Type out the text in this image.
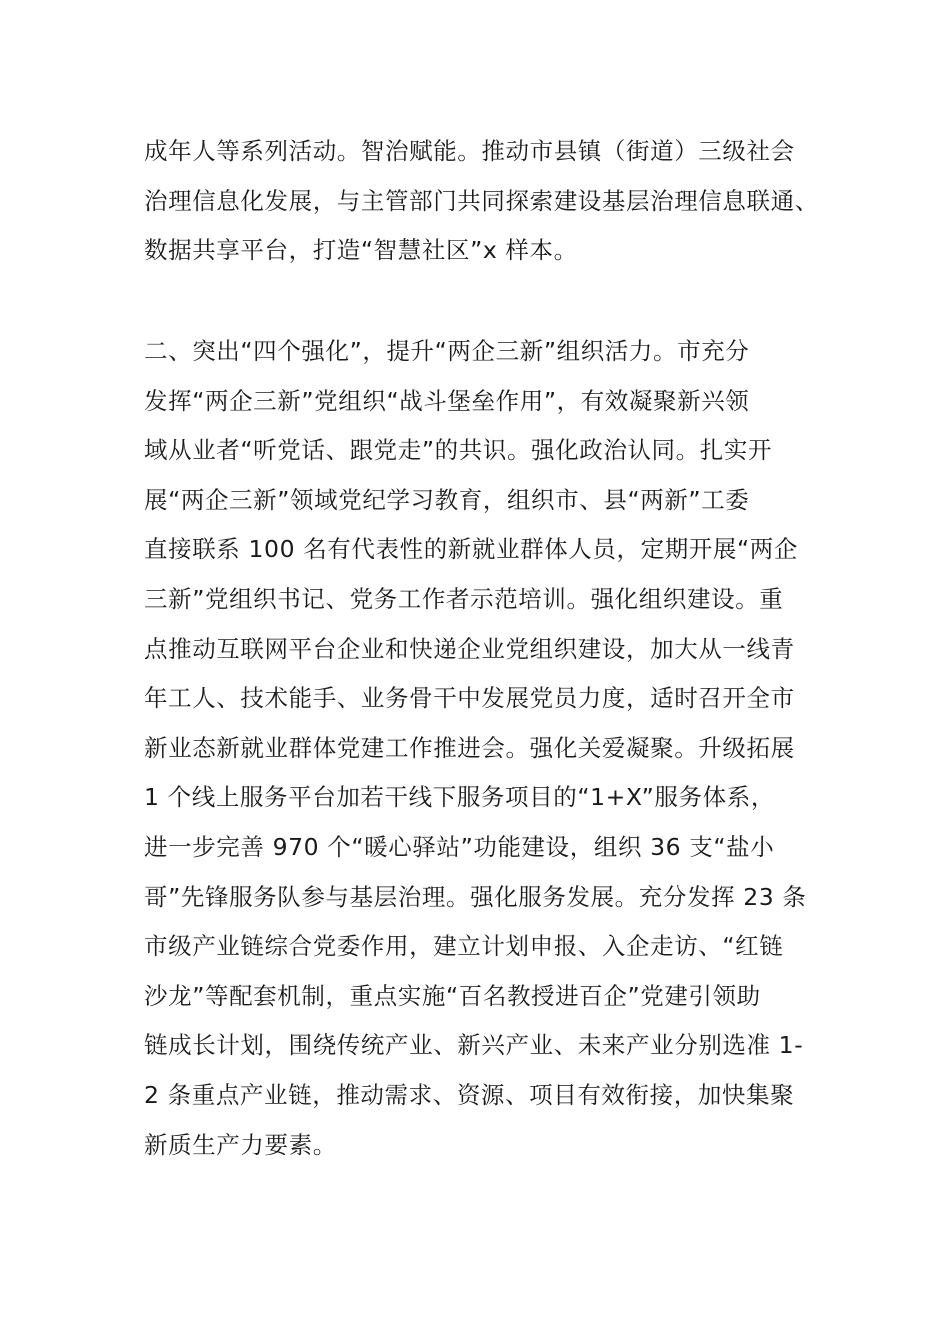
成年人等系列活动。智治赋能。推动市县镇（街道）三级社会
治理信息化发展，与主管部门共同探索建设基层治理信息联通、
数据共享平台，打造“智慧社区”x 样本。

二、突出“四个强化”，提升“两企三新”组织活力。市充分
发挥“两企三新”党组织“战斗堡垒作用”，有效凝聚新兴领
域从业者“听党话、跟党走”的共识。强化政治认同。扎实开
展“两企三新”领域党纪学习教育，组织市、县“两新”工委
直接联系 100 名有代表性的新就业群体人员，定期开展“两企
三新”党组织书记、党务工作者示范培训。强化组织建设。重
点推动互联网平台企业和快递企业党组织建设，加大从一线青
年工人、技术能手、业务骨干中发展党员力度，适时召开全市
新业态新就业群体党建工作推进会。强化关爱凝聚。升级拓展
1 个线上服务平台加若干线下服务项目的“1+X”服务体系，
进一步完善 970 个“暖心驿站”功能建设，组织 36 支“盐小
哥”先锋服务队参与基层治理。强化服务发展。充分发挥 23 条
市级产业链综合党委作用，建立计划申报、入企走访、“红链
沙龙”等配套机制，重点实施“百名教授进百企”党建引领助
链成长计划，围绕传统产业、新兴产业、未来产业分别选准 1-
2 条重点产业链，推动需求、资源、项目有效衔接，加快集聚
新质生产力要素。
